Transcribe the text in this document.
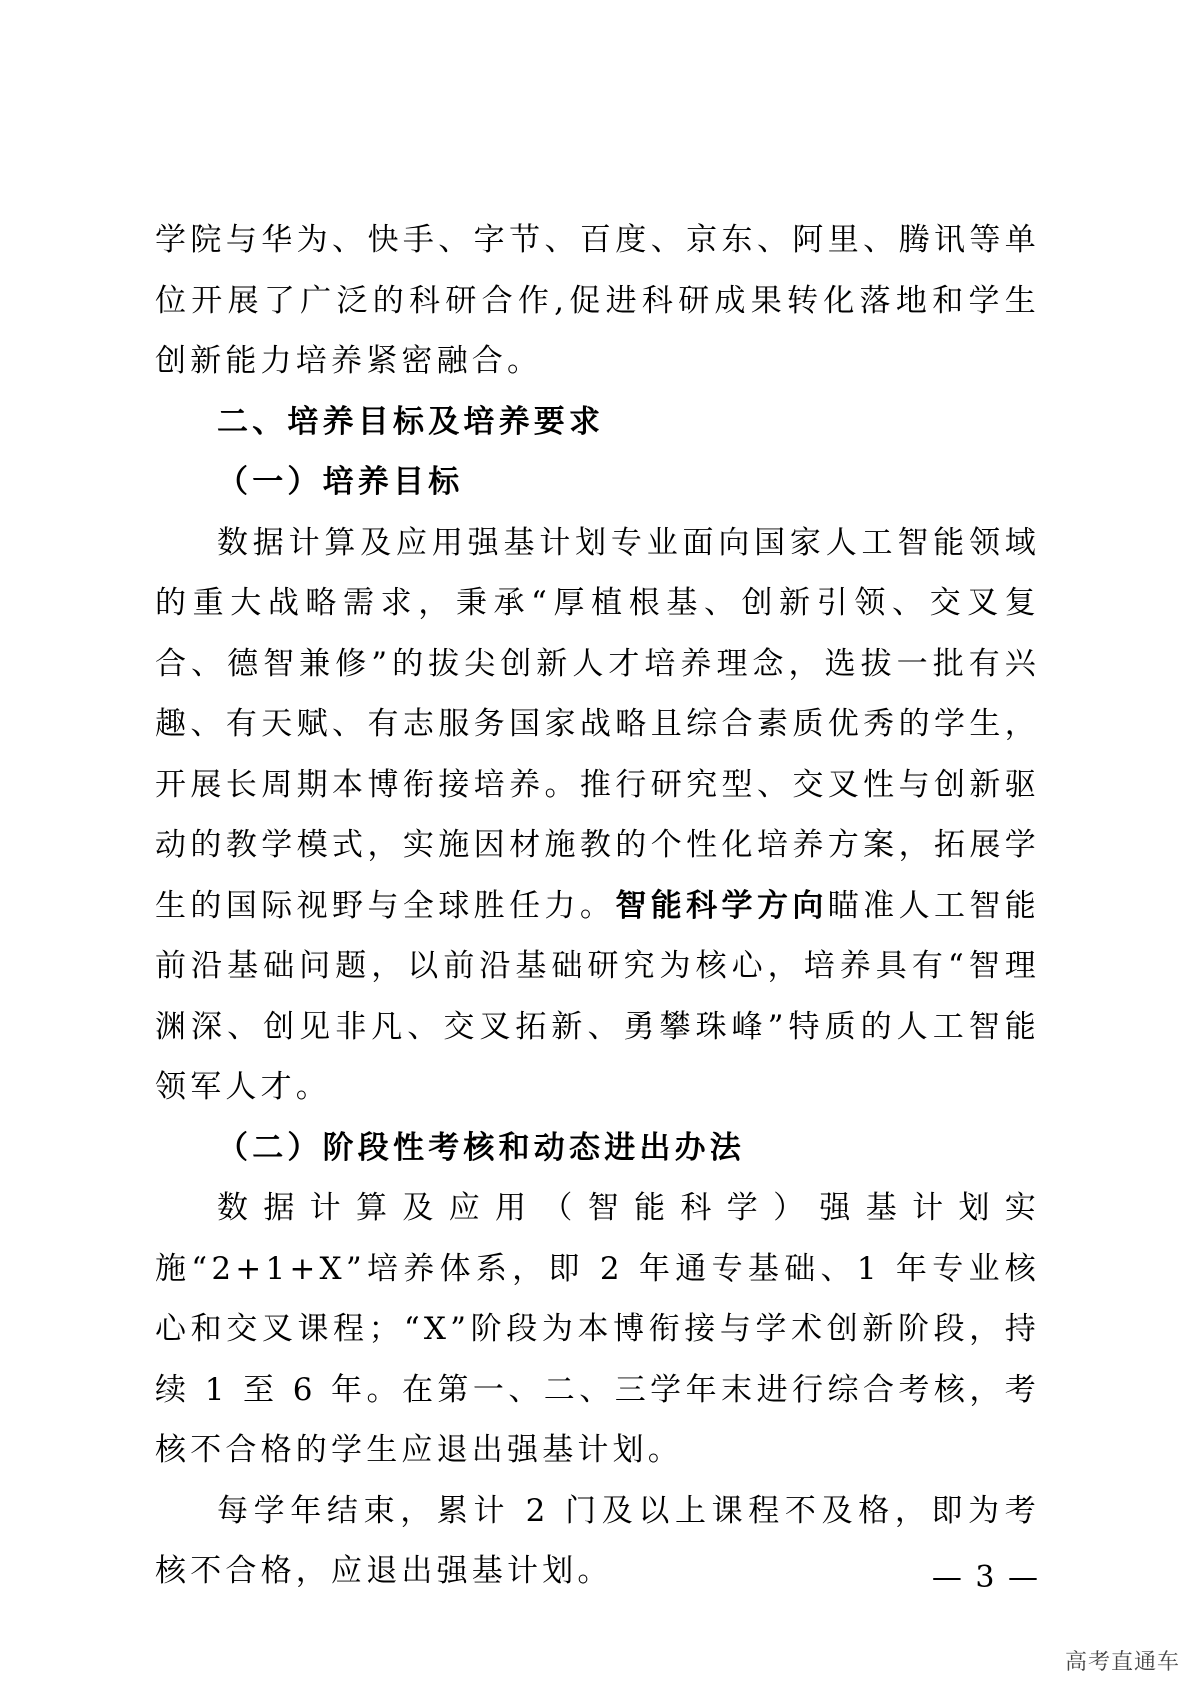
学院与华为、快手、字节、百度、京东、阿里、腾讯等单位开展了广泛的科研合作,促进科研成果转化落地和学生创新能力培养紧密融合。

二、培养目标及培养要求

（一）培养目标

数据计算及应用强基计划专业面向国家人工智能领域的重大战略需求，秉承“厚植根基、创新引领、交叉复合、德智兼修”的拔尖创新人才培养理念，选拔一批有兴趣、有天赋、有志服务国家战略且综合素质优秀的学生，开展长周期本博衔接培养。推行研究型、交叉性与创新驱动的教学模式，实施因材施教的个性化培养方案，拓展学生的国际视野与全球胜任力。智能科学方向瞄准人工智能前沿基础问题，以前沿基础研究为核心，培养具有“智理渊深、创见非凡、交叉拓新、勇攀珠峰”特质的人工智能领军人才。

（二）阶段性考核和动态进出办法

数据计算及应用（智能科学）强基计划实施“2+1+X”培养体系，即 2 年通专基础、1 年专业核心和交叉课程；“X”阶段为本博衔接与学术创新阶段，持续 1 至 6 年。在第一、二、三学年末进行综合考核，考核不合格的学生应退出强基计划。

每学年结束，累计 2 门及以上课程不及格，即为考核不合格，应退出强基计划。	— 3 —
高考直通车
